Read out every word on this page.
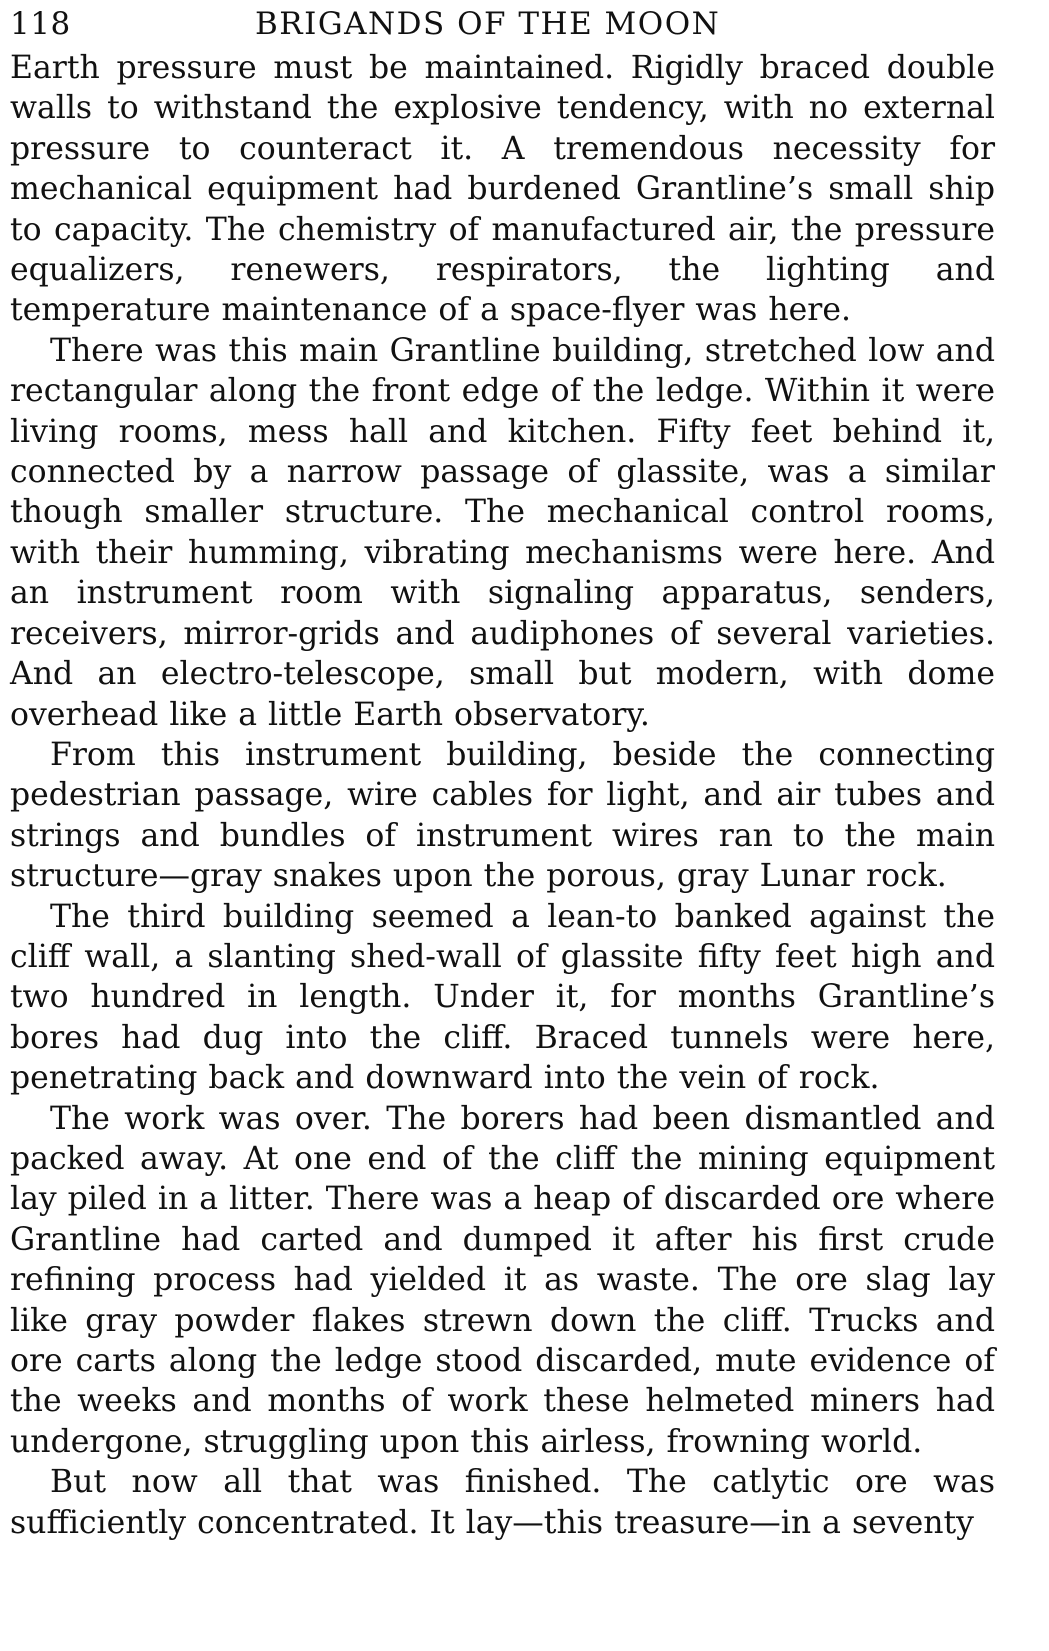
118	BRIGANDS OF THE MOON

Earth pressure must be maintained. Rigidly braced double walls to withstand the explosive tendency, with no external pressure to counteract it. A tremendous necessity for mechanical equipment had burdened Grantline’s small ship to capacity. The chemistry of manufactured air, the pressure equalizers, renewers, respirators, the lighting and temperature maintenance of a space-flyer was here.

There was this main Grantline building, stretched low and rectangular along the front edge of the ledge. Within it were living rooms, mess hall and kitchen. Fifty feet behind it, connected by a narrow passage of glassite, was a similar though smaller structure. The mechanical control rooms, with their humming, vibrating mechanisms were here. And an instrument room with signaling apparatus, senders, receivers, mirror-grids and audiphones of several varieties. And an electro-telescope, small but modern, with dome overhead like a little Earth observatory.

From this instrument building, beside the connecting pedestrian passage, wire cables for light, and air tubes and strings and bundles of instrument wires ran to the main structure—gray snakes upon the porous, gray Lunar rock.

The third building seemed a lean-to banked against the cliff wall, a slanting shed-wall of glassite fifty feet high and two hundred in length. Under it, for months Grantline’s bores had dug into the cliff. Braced tunnels were here, penetrating back and downward into the vein of rock.

The work was over. The borers had been dismantled and packed away. At one end of the cliff the mining equipment lay piled in a litter. There was a heap of discarded ore where Grantline had carted and dumped it after his first crude refining process had yielded it as waste. The ore slag lay like gray powder flakes strewn down the cliff. Trucks and ore carts along the ledge stood discarded, mute evidence of the weeks and months of work these helmeted miners had undergone, struggling upon this airless, frowning world.

But now all that was finished. The catlytic ore was sufficiently concentrated. It lay—this treasure—in a seventy
